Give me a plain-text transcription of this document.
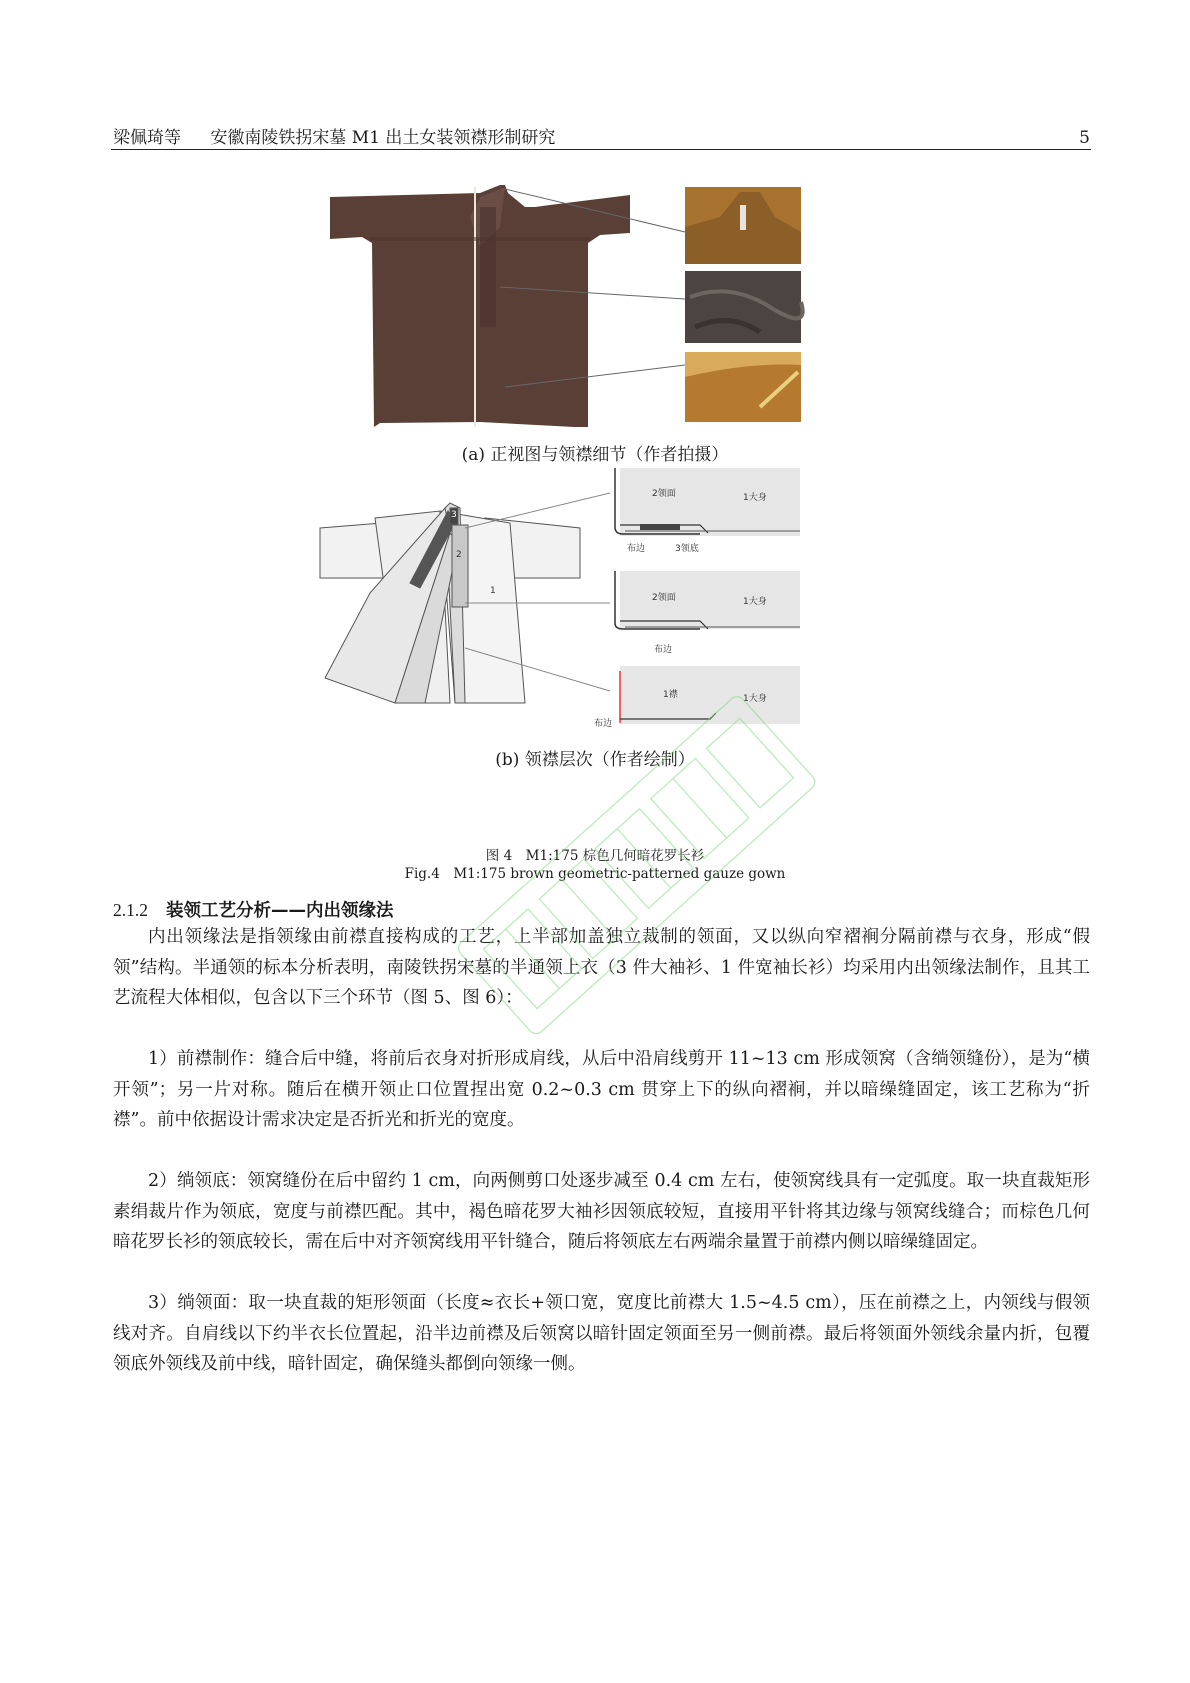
梁佩琦等 安徽南陵铁拐宋墓 M1 出土女装领襟形制研究	5
(a) 正视图与领襟细节（作者拍摄）
3
2
1
2领面	1大身
布边	3领底
2领面	1大身
布边
1襟	1大身
布边
(b) 领襟层次（作者绘制）
图 4　M1:175 棕色几何暗花罗长衫
Fig.4　M1:175 brown geometric-patterned gauze gown
2.1.2 装领工艺分析——内出领缘法

内出领缘法是指领缘由前襟直接构成的工艺，上半部加盖独立裁制的领面，又以纵向窄褶裥分隔前襟与衣身，形成“假领”结构。半通领的标本分析表明，南陵铁拐宋墓的半通领上衣（3 件大袖衫、1 件宽袖长衫）均采用内出领缘法制作，且其工艺流程大体相似，包含以下三个环节（图 5、图 6）：

1）前襟制作：缝合后中缝，将前后衣身对折形成肩线，从后中沿肩线剪开 11~13 cm 形成领窝（含绱领缝份），是为“横开领”；另一片对称。随后在横开领止口位置捏出宽 0.2~0.3 cm 贯穿上下的纵向褶裥，并以暗缲缝固定，该工艺称为“折襟”。前中依据设计需求决定是否折光和折光的宽度。

2）绱领底：领窝缝份在后中留约 1 cm，向两侧剪口处逐步减至 0.4 cm 左右，使领窝线具有一定弧度。取一块直裁矩形素绢裁片作为领底，宽度与前襟匹配。其中，褐色暗花罗大袖衫因领底较短，直接用平针将其边缘与领窝线缝合；而棕色几何暗花罗长衫的领底较长，需在后中对齐领窝线用平针缝合，随后将领底左右两端余量置于前襟内侧以暗缲缝固定。

3）绱领面：取一块直裁的矩形领面（长度≈衣长+领口宽，宽度比前襟大 1.5~4.5 cm），压在前襟之上，内领线与假领线对齐。自肩线以下约半衣长位置起，沿半边前襟及后领窝以暗针固定领面至另一侧前襟。最后将领面外领线余量内折，包覆领底外领线及前中线，暗针固定，确保缝头都倒向领缘一侧。
